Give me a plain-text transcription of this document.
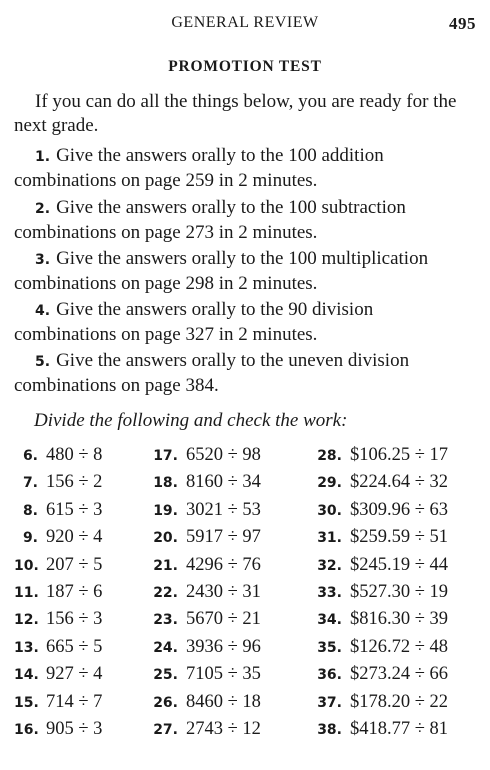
GENERAL REVIEW	495
PROMOTION TEST
If you can do all the things below, you are ready for the next grade.
1. Give the answers orally to the 100 addition combinations on page 259 in 2 minutes.
2. Give the answers orally to the 100 subtraction combinations on page 273 in 2 minutes.
3. Give the answers orally to the 100 multiplication combinations on page 298 in 2 minutes.
4. Give the answers orally to the 90 division combinations on page 327 in 2 minutes.
5. Give the answers orally to the uneven division combinations on page 384.
Divide the following and check the work:
6. 480 ÷ 8
7. 156 ÷ 2
8. 615 ÷ 3
9. 920 ÷ 4
10. 207 ÷ 5
11. 187 ÷ 6
12. 156 ÷ 3
13. 665 ÷ 5
14. 927 ÷ 4
15. 714 ÷ 7
16. 905 ÷ 3
17. 6520 ÷ 98
18. 8160 ÷ 34
19. 3021 ÷ 53
20. 5917 ÷ 97
21. 4296 ÷ 76
22. 2430 ÷ 31
23. 5670 ÷ 21
24. 3936 ÷ 96
25. 7105 ÷ 35
26. 8460 ÷ 18
27. 2743 ÷ 12
28. $106.25 ÷ 17
29. $224.64 ÷ 32
30. $309.96 ÷ 63
31. $259.59 ÷ 51
32. $245.19 ÷ 44
33. $527.30 ÷ 19
34. $816.30 ÷ 39
35. $126.72 ÷ 48
36. $273.24 ÷ 66
37. $178.20 ÷ 22
38. $418.77 ÷ 81
